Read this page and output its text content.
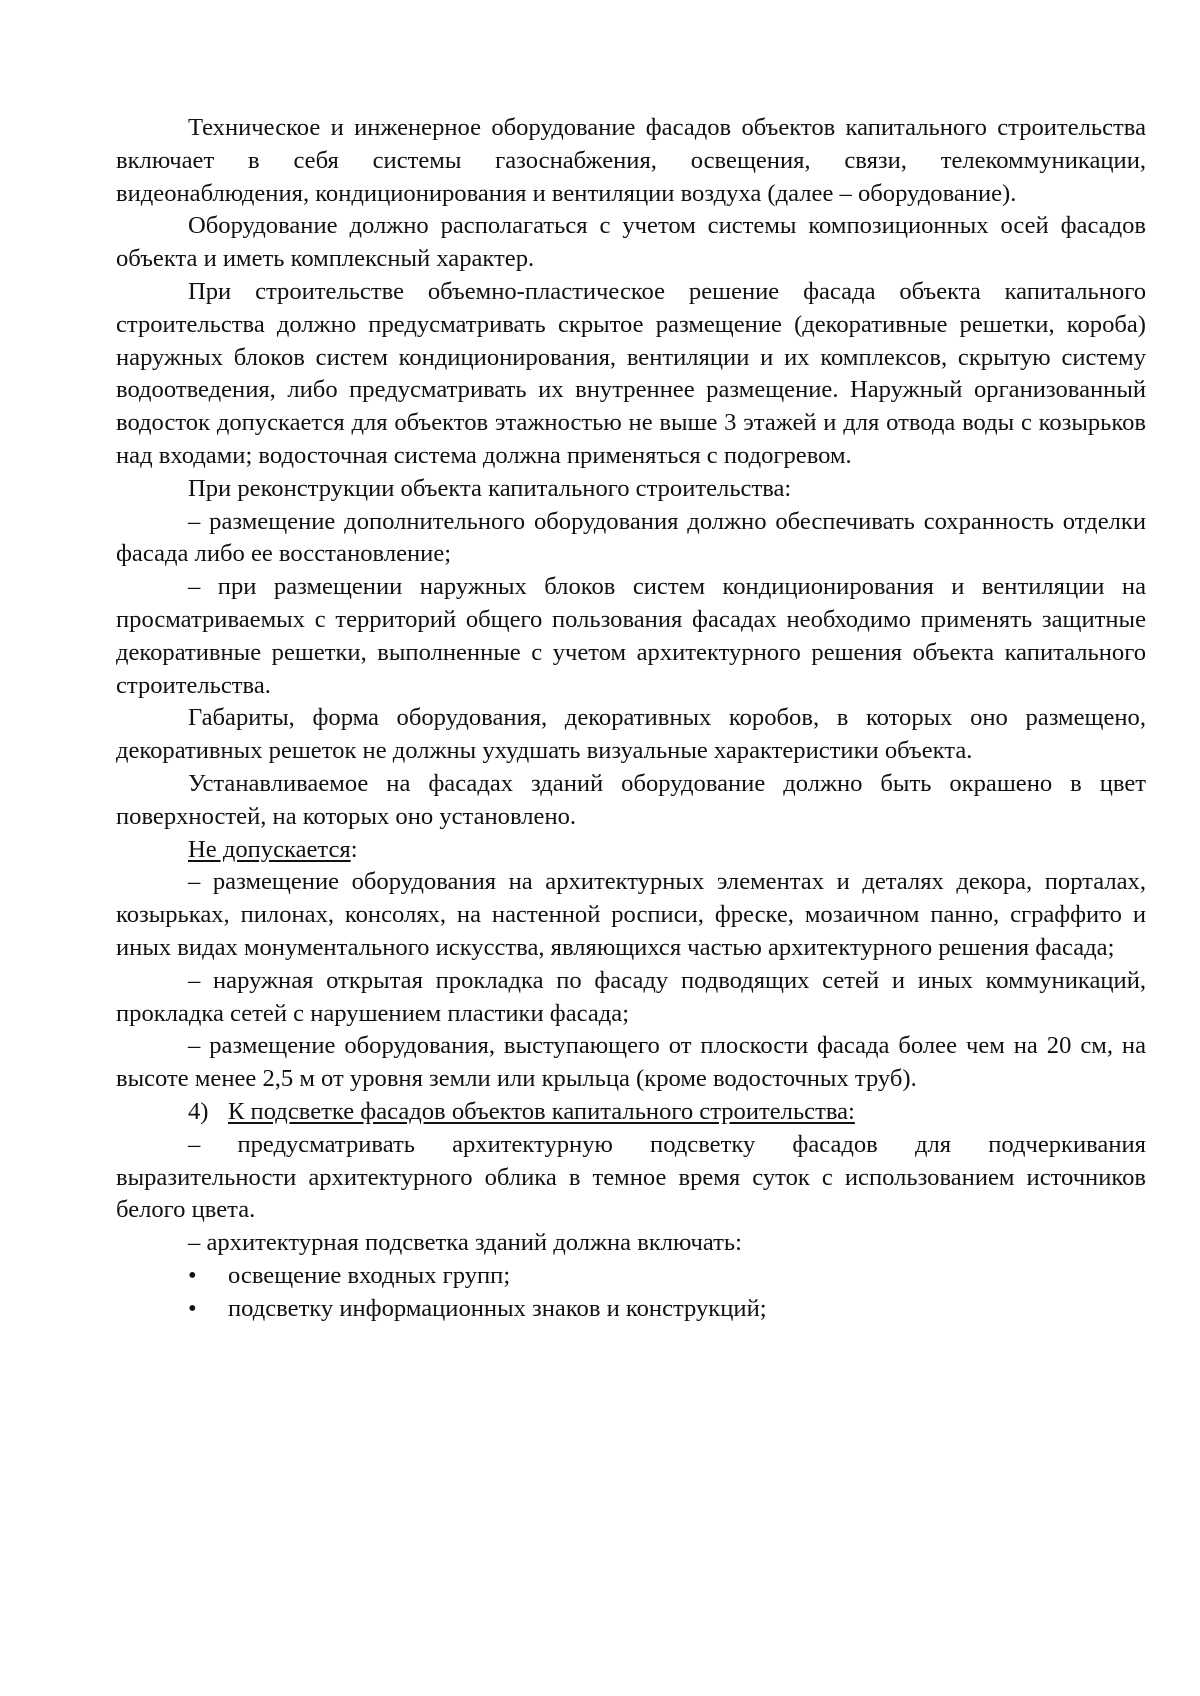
Техническое и инженерное оборудование фасадов объектов капитального строительства включает в себя системы газоснабжения, освещения, связи, телекоммуникации, видеонаблюдения, кондиционирования и вентиляции воздуха (далее – оборудование).

Оборудование должно располагаться с учетом системы композиционных осей фасадов объекта и иметь комплексный характер.

При строительстве объемно-пластическое решение фасада объекта капитального строительства должно предусматривать скрытое размещение (декоративные решетки, короба) наружных блоков систем кондиционирования, вентиляции и их комплексов, скрытую систему водоотведения, либо предусматривать их внутреннее размещение. Наружный организованный водосток допускается для объектов этажностью не выше 3 этажей и для отвода воды с козырьков над входами; водосточная система должна применяться с подогревом.

При реконструкции объекта капитального строительства:

– размещение дополнительного оборудования должно обеспечивать сохранность отделки фасада либо ее восстановление;

– при размещении наружных блоков систем кондиционирования и вентиляции на просматриваемых с территорий общего пользования фасадах необходимо применять защитные декоративные решетки, выполненные с учетом архитектурного решения объекта капитального строительства.

Габариты, форма оборудования, декоративных коробов, в которых оно размещено, декоративных решеток не должны ухудшать визуальные характеристики объекта.

Устанавливаемое на фасадах зданий оборудование должно быть окрашено в цвет поверхностей, на которых оно установлено.

Не допускается:

– размещение оборудования на архитектурных элементах и деталях декора, порталах, козырьках, пилонах, консолях, на настенной росписи, фреске, мозаичном панно, сграффито и иных видах монументального искусства, являющихся частью архитектурного решения фасада;

– наружная открытая прокладка по фасаду подводящих сетей и иных коммуникаций, прокладка сетей с нарушением пластики фасада;

– размещение оборудования, выступающего от плоскости фасада более чем на 20 см, на высоте менее 2,5 м от уровня земли или крыльца (кроме водосточных труб).

4) К подсветке фасадов объектов капитального строительства:

– предусматривать архитектурную подсветку фасадов для подчеркивания выразительности архитектурного облика в темное время суток с использованием источников белого цвета.

– архитектурная подсветка зданий должна включать:

• освещение входных групп;

• подсветку информационных знаков и конструкций;
